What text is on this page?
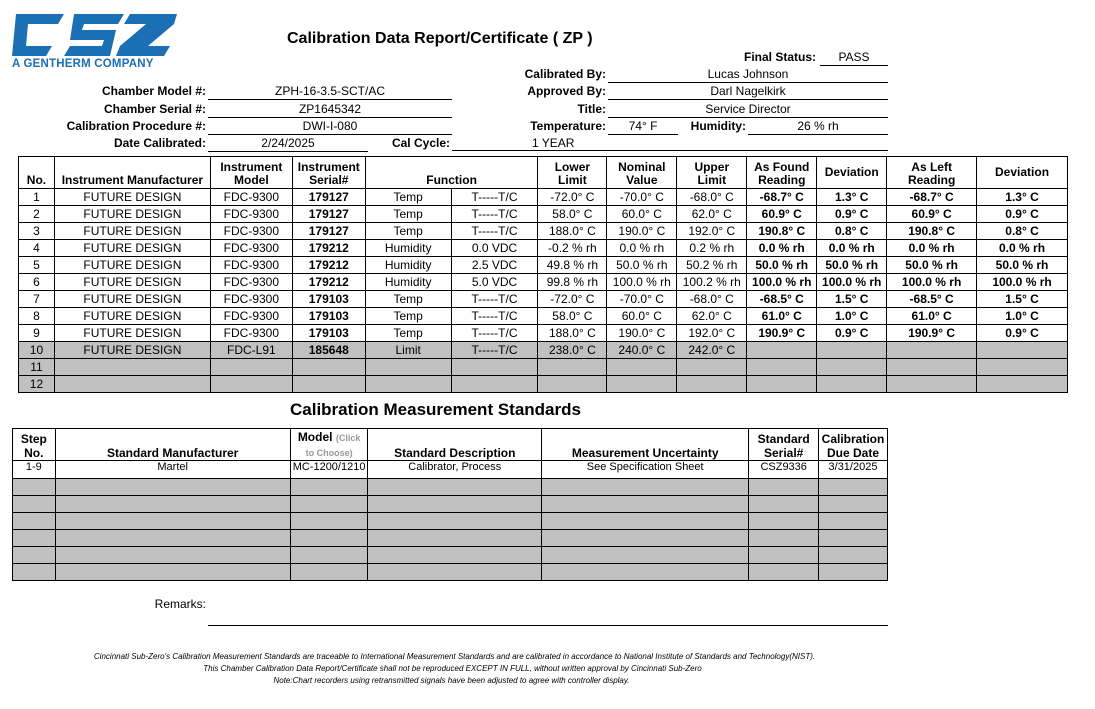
A GENTHERM COMPANY
Calibration Data Report/Certificate ( ZP )
Final Status:	PASS
Calibrated By:	Lucas Johnson
Approved By:	Darl Nagelkirk
Title:	Service Director
Temperature:	74° F	Humidity:	26 % rh
Chamber Model #:	ZPH-16-3.5-SCT/AC
Chamber Serial #:	ZP1645342
Calibration Procedure #:	DWI-I-080
Date Calibrated:	2/24/2025	Cal Cycle:	1 YEAR
No.	Instrument Manufacturer	Instrument Model	Instrument Serial#	Function		Lower Limit	Nominal Value	Upper Limit	As Found Reading	Deviation	As Left Reading	Deviation
1	FUTURE DESIGN	FDC-9300	179127	Temp	T-----T/C	-72.0° C	-70.0° C	-68.0° C	-68.7° C	1.3° C	-68.7° C	1.3° C
2	FUTURE DESIGN	FDC-9300	179127	Temp	T-----T/C	58.0° C	60.0° C	62.0° C	60.9° C	0.9° C	60.9° C	0.9° C
3	FUTURE DESIGN	FDC-9300	179127	Temp	T-----T/C	188.0° C	190.0° C	192.0° C	190.8° C	0.8° C	190.8° C	0.8° C
4	FUTURE DESIGN	FDC-9300	179212	Humidity	0.0 VDC	-0.2 % rh	0.0 % rh	0.2 % rh	0.0 % rh	0.0 % rh	0.0 % rh	0.0 % rh
5	FUTURE DESIGN	FDC-9300	179212	Humidity	2.5 VDC	49.8 % rh	50.0 % rh	50.2 % rh	50.0 % rh	50.0 % rh	50.0 % rh	50.0 % rh
6	FUTURE DESIGN	FDC-9300	179212	Humidity	5.0 VDC	99.8 % rh	100.0 % rh	100.2 % rh	100.0 % rh	100.0 % rh	100.0 % rh	100.0 % rh
7	FUTURE DESIGN	FDC-9300	179103	Temp	T-----T/C	-72.0° C	-70.0° C	-68.0° C	-68.5° C	1.5° C	-68.5° C	1.5° C
8	FUTURE DESIGN	FDC-9300	179103	Temp	T-----T/C	58.0° C	60.0° C	62.0° C	61.0° C	1.0° C	61.0° C	1.0° C
9	FUTURE DESIGN	FDC-9300	179103	Temp	T-----T/C	188.0° C	190.0° C	192.0° C	190.9° C	0.9° C	190.9° C	0.9° C
10	FUTURE DESIGN	FDC-L91	185648	Limit	T-----T/C	238.0° C	240.0° C	242.0° C				
11												
12												
Calibration Measurement Standards
Step No.	Standard Manufacturer	Model (Click to Choose)	Standard Description	Measurement Uncertainty	Standard Serial#	Calibration Due Date
1-9	Martel	MC-1200/1210	Calibrator, Process	See Specification Sheet	CSZ9336	3/31/2025

Remarks:
Cincinnati Sub-Zero's Calibration Measurement Standards are traceable to International Measurement Standards and are calibrated in accordance to National Institute of Standards and Technology(NIST).
This Chamber Calibration Data Report/Certificate shall not be reproduced EXCEPT IN FULL, without written approval by Cincinnati Sub-Zero
Note:Chart recorders using retransmitted signals have been adjusted to agree with controller display.
